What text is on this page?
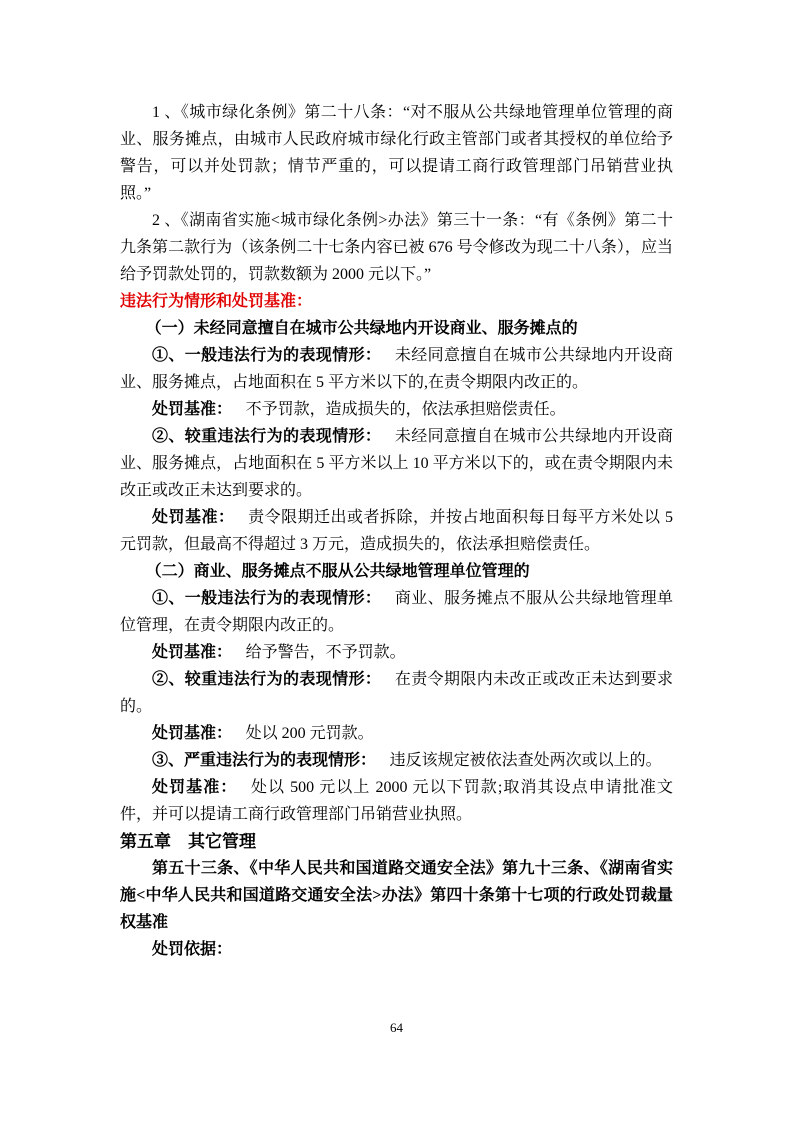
1 、《城市绿化条例》第二十八条：“对不服从公共绿地管理单位管理的商业、服务摊点，由城市人民政府城市绿化行政主管部门或者其授权的单位给予警告，可以并处罚款；情节严重的，可以提请工商行政管理部门吊销营业执照。”

2 、《湖南省实施<城市绿化条例>办法》第三十一条：“有《条例》第二十九条第二款行为（该条例二十七条内容已被 676 号令修改为现二十八条），应当给予罚款处罚的，罚款数额为 2000 元以下。”

违法行为情形和处罚基准：

（一）未经同意擅自在城市公共绿地内开设商业、服务摊点的

①、一般违法行为的表现情形： 未经同意擅自在城市公共绿地内开设商业、服务摊点，占地面积在 5 平方米以下的,在责令期限内改正的。

处罚基准： 不予罚款，造成损失的，依法承担赔偿责任。

②、较重违法行为的表现情形： 未经同意擅自在城市公共绿地内开设商业、服务摊点，占地面积在 5 平方米以上 10 平方米以下的，或在责令期限内未改正或改正未达到要求的。

处罚基准： 责令限期迁出或者拆除，并按占地面积每日每平方米处以 5 元罚款，但最高不得超过 3 万元，造成损失的，依法承担赔偿责任。

（二）商业、服务摊点不服从公共绿地管理单位管理的

①、一般违法行为的表现情形： 商业、服务摊点不服从公共绿地管理单位管理，在责令期限内改正的。

处罚基准： 给予警告，不予罚款。

②、较重违法行为的表现情形： 在责令期限内未改正或改正未达到要求的。

处罚基准： 处以 200 元罚款。

③、严重违法行为的表现情形： 违反该规定被依法查处两次或以上的。

处罚基准： 处以 500 元以上 2000 元以下罚款;取消其设点申请批准文件，并可以提请工商行政管理部门吊销营业执照。

第五章　其它管理

第五十三条、《中华人民共和国道路交通安全法》第九十三条、《湖南省实施<中华人民共和国道路交通安全法>办法》第四十条第十七项的行政处罚裁量权基准

处罚依据：

64
